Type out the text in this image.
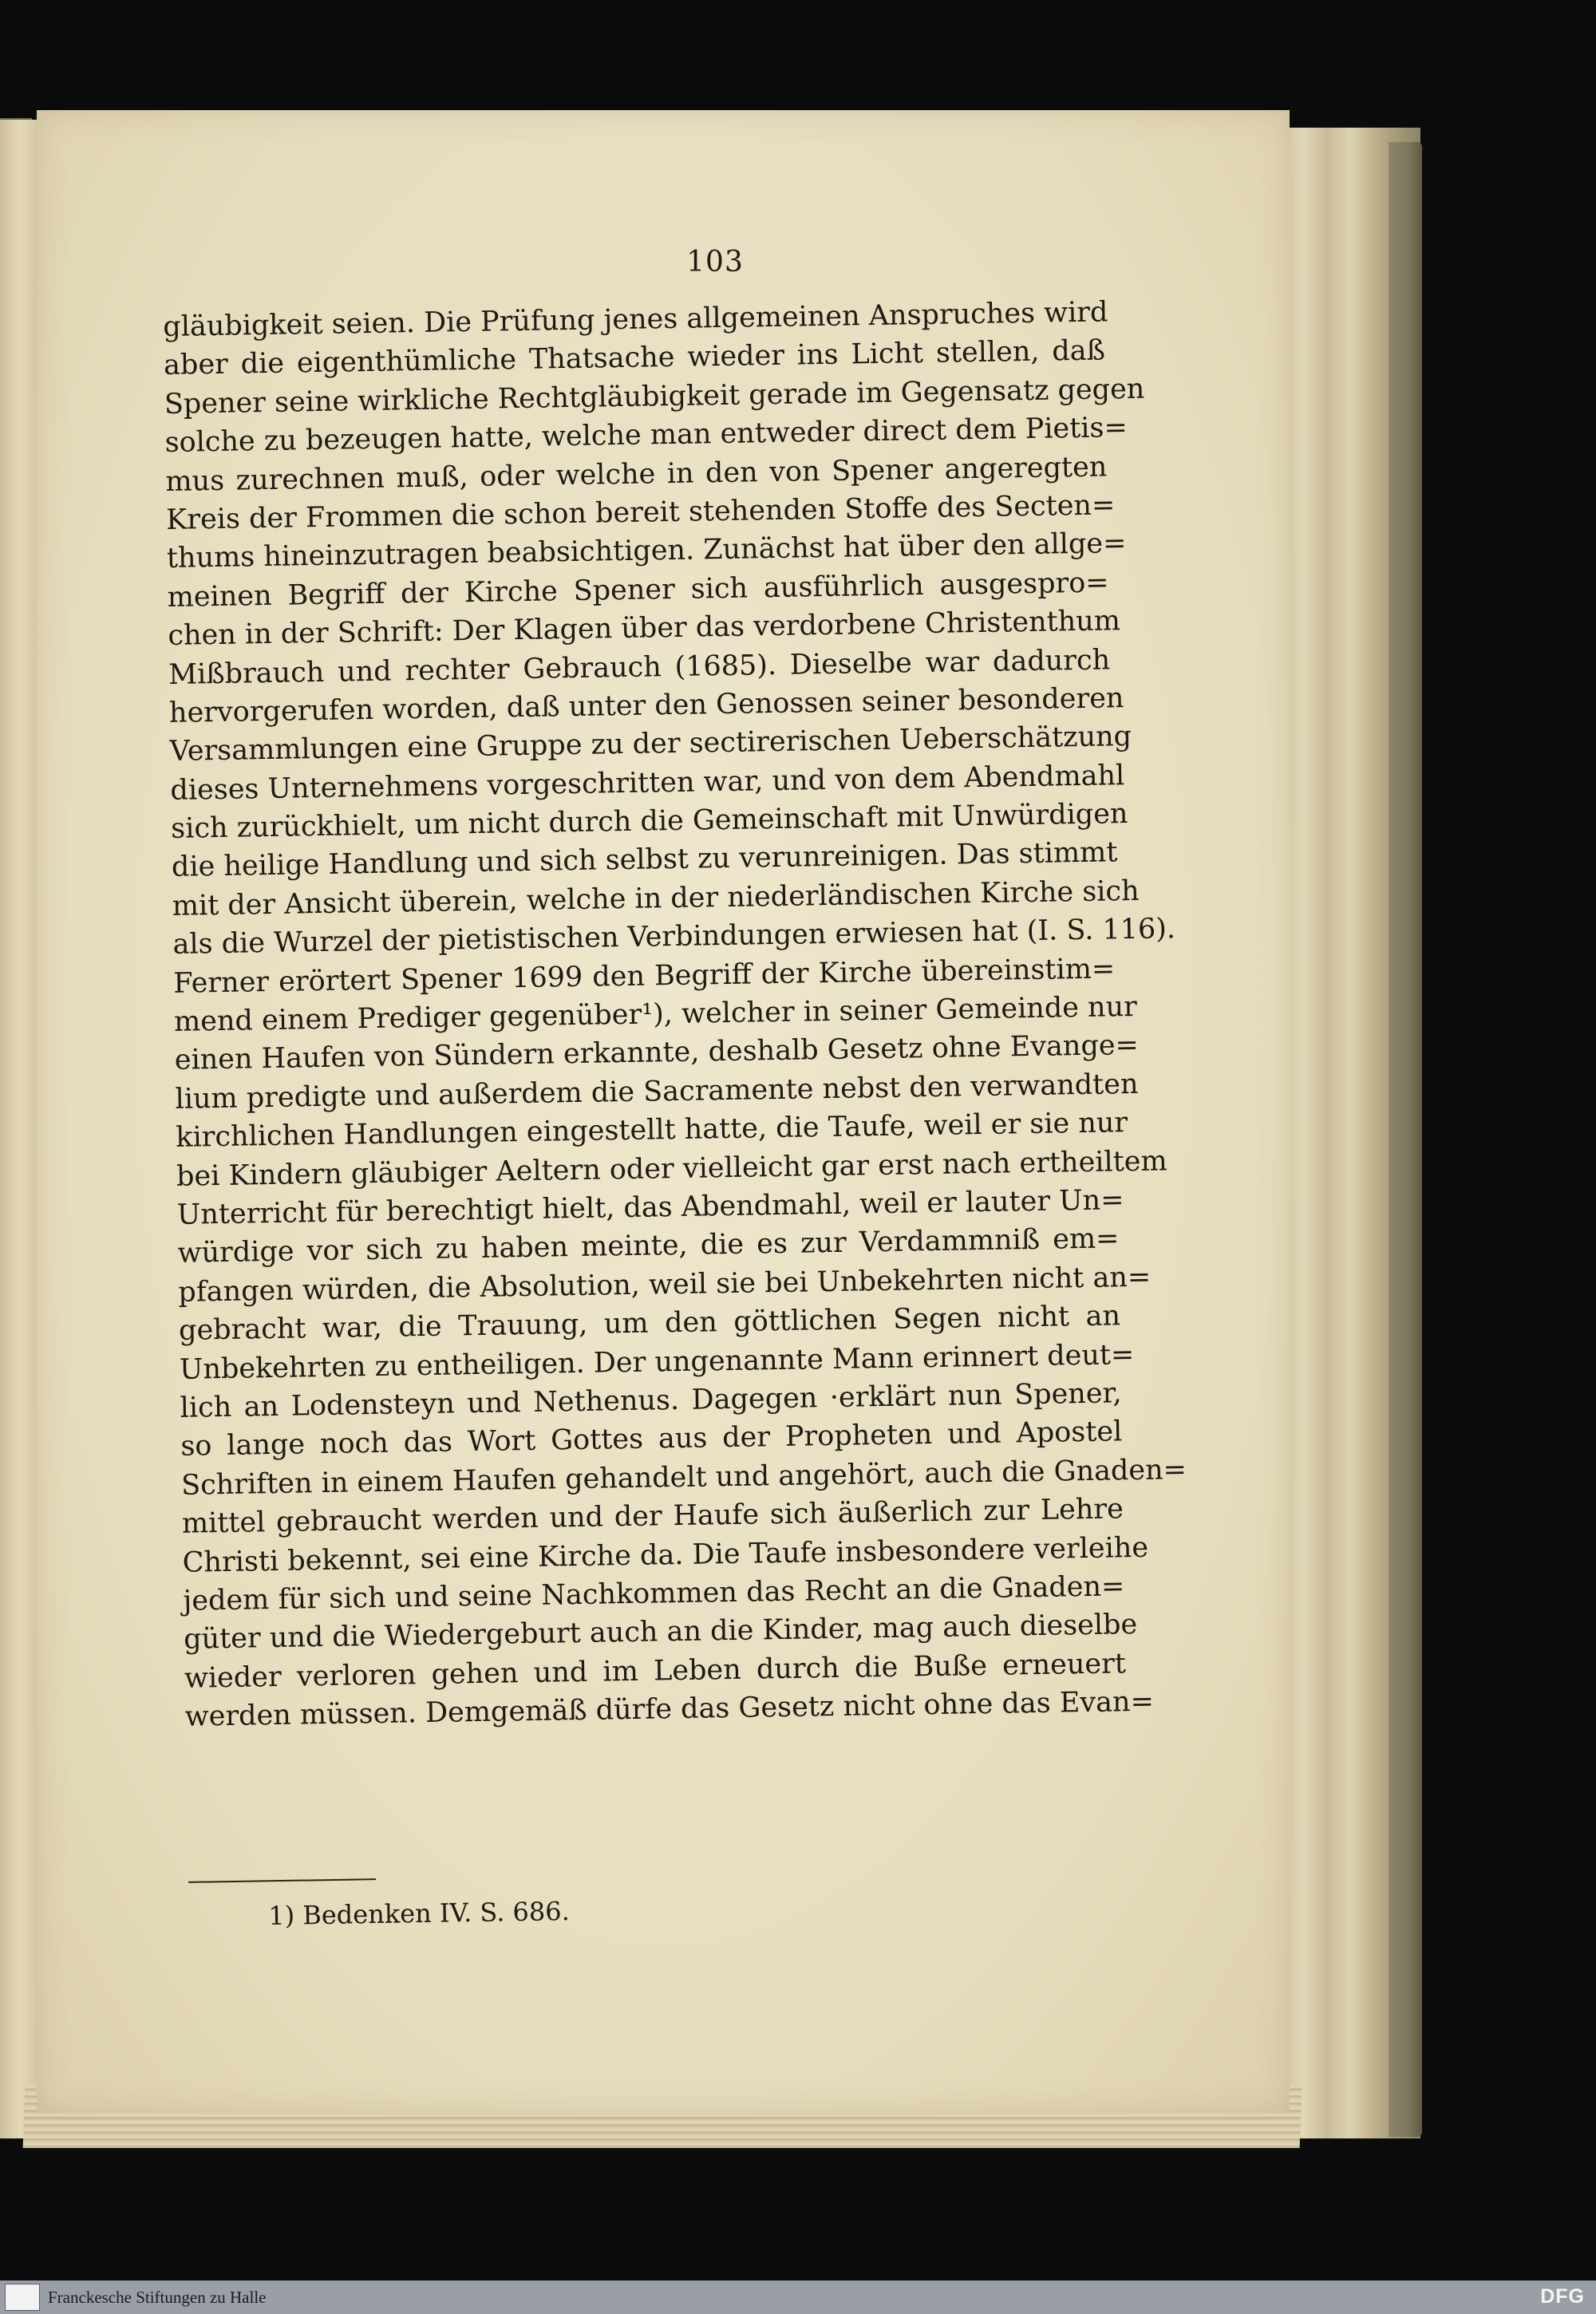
103
gläubigkeit seien. Die Prüfung jenes allgemeinen Anspruches wird
aber die eigenthümliche Thatsache wieder ins Licht stellen, daß
Spener seine wirkliche Rechtgläubigkeit gerade im Gegensatz gegen
solche zu bezeugen hatte, welche man entweder direct dem Pietis=
mus zurechnen muß, oder welche in den von Spener angeregten
Kreis der Frommen die schon bereit stehenden Stoffe des Secten=
thums hineinzutragen beabsichtigen. Zunächst hat über den allge=
meinen Begriff der Kirche Spener sich ausführlich ausgespro=
chen in der Schrift: Der Klagen über das verdorbene Christenthum
Mißbrauch und rechter Gebrauch (1685). Dieselbe war dadurch
hervorgerufen worden, daß unter den Genossen seiner besonderen
Versammlungen eine Gruppe zu der sectirerischen Ueberschätzung
dieses Unternehmens vorgeschritten war, und von dem Abendmahl
sich zurückhielt, um nicht durch die Gemeinschaft mit Unwürdigen
die heilige Handlung und sich selbst zu verunreinigen. Das stimmt
mit der Ansicht überein, welche in der niederländischen Kirche sich
als die Wurzel der pietistischen Verbindungen erwiesen hat (I. S. 116).
Ferner erörtert Spener 1699 den Begriff der Kirche übereinstim=
mend einem Prediger gegenüber¹), welcher in seiner Gemeinde nur
einen Haufen von Sündern erkannte, deshalb Gesetz ohne Evange=
lium predigte und außerdem die Sacramente nebst den verwandten
kirchlichen Handlungen eingestellt hatte, die Taufe, weil er sie nur
bei Kindern gläubiger Aeltern oder vielleicht gar erst nach ertheiltem
Unterricht für berechtigt hielt, das Abendmahl, weil er lauter Un=
würdige vor sich zu haben meinte, die es zur Verdammniß em=
pfangen würden, die Absolution, weil sie bei Unbekehrten nicht an=
gebracht war, die Trauung, um den göttlichen Segen nicht an
Unbekehrten zu entheiligen. Der ungenannte Mann erinnert deut=
lich an Lodensteyn und Nethenus. Dagegen ·erklärt nun Spener,
so lange noch das Wort Gottes aus der Propheten und Apostel
Schriften in einem Haufen gehandelt und angehört, auch die Gnaden=
mittel gebraucht werden und der Haufe sich äußerlich zur Lehre
Christi bekennt, sei eine Kirche da. Die Taufe insbesondere verleihe
jedem für sich und seine Nachkommen das Recht an die Gnaden=
güter und die Wiedergeburt auch an die Kinder, mag auch dieselbe
wieder verloren gehen und im Leben durch die Buße erneuert
werden müssen. Demgemäß dürfe das Gesetz nicht ohne das Evan=
1) Bedenken IV. S. 686.
Franckesche Stiftungen zu Halle	DFG
